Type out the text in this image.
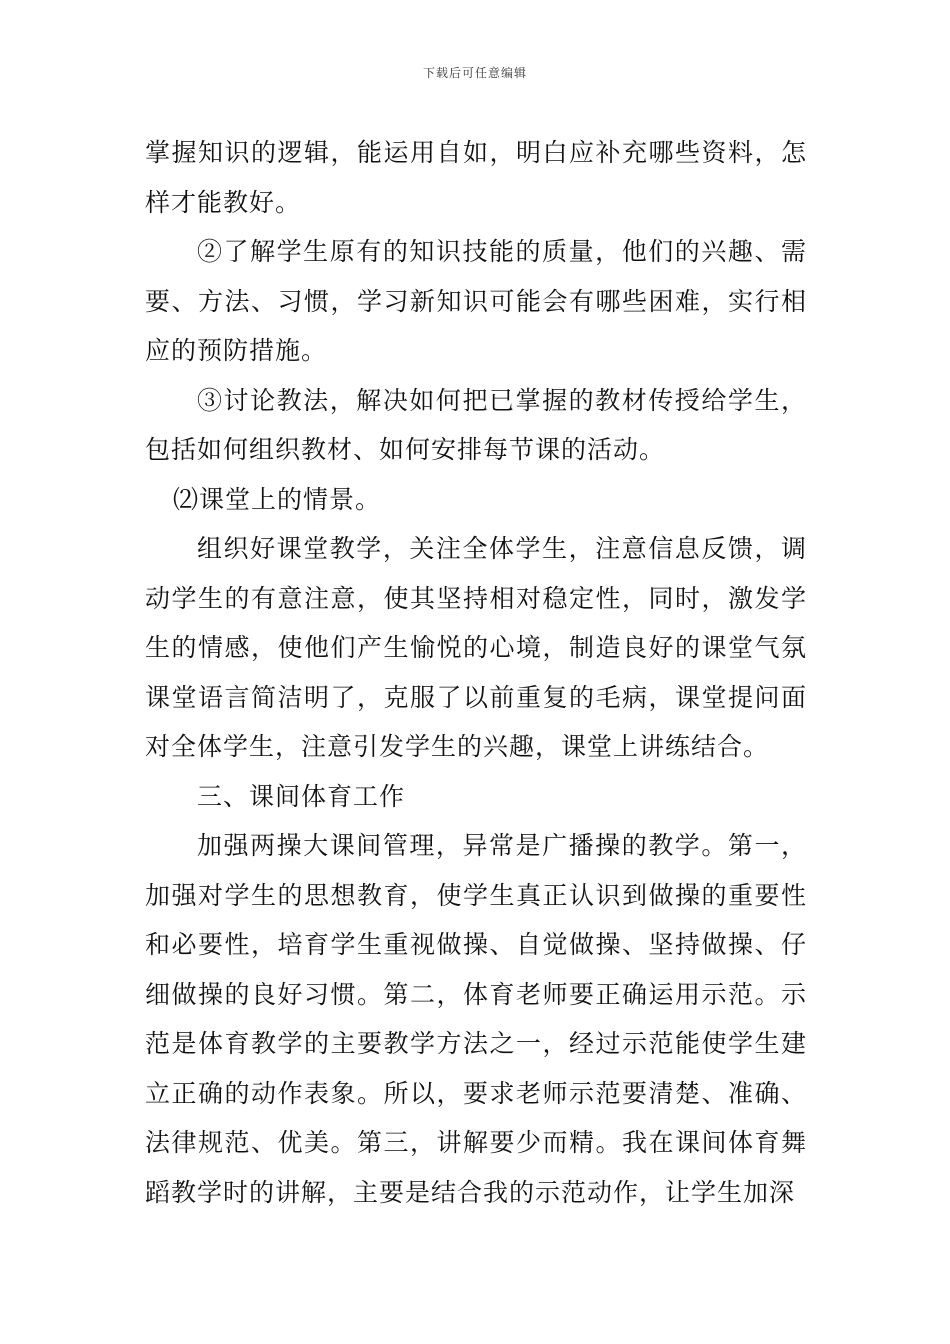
下载后可任意编辑

掌握知识的逻辑，能运用自如，明白应补充哪些资料，怎样才能教好。

②了解学生原有的知识技能的质量，他们的兴趣、需要、方法、习惯，学习新知识可能会有哪些困难，实行相应的预防措施。

③讨论教法，解决如何把已掌握的教材传授给学生，包括如何组织教材、如何安排每节课的活动。

⑵课堂上的情景。

组织好课堂教学，关注全体学生，注意信息反馈，调动学生的有意注意，使其坚持相对稳定性，同时，激发学生的情感，使他们产生愉悦的心境，制造良好的课堂气氛课堂语言简洁明了，克服了以前重复的毛病，课堂提问面对全体学生，注意引发学生的兴趣，课堂上讲练结合。

三、课间体育工作

加强两操大课间管理，异常是广播操的教学。第一，加强对学生的思想教育，使学生真正认识到做操的重要性和必要性，培育学生重视做操、自觉做操、坚持做操、仔细做操的良好习惯。第二，体育老师要正确运用示范。示范是体育教学的主要教学方法之一，经过示范能使学生建立正确的动作表象。所以，要求老师示范要清楚、准确、法律规范、优美。第三，讲解要少而精。我在课间体育舞蹈教学时的讲解，主要是结合我的示范动作，让学生加深
